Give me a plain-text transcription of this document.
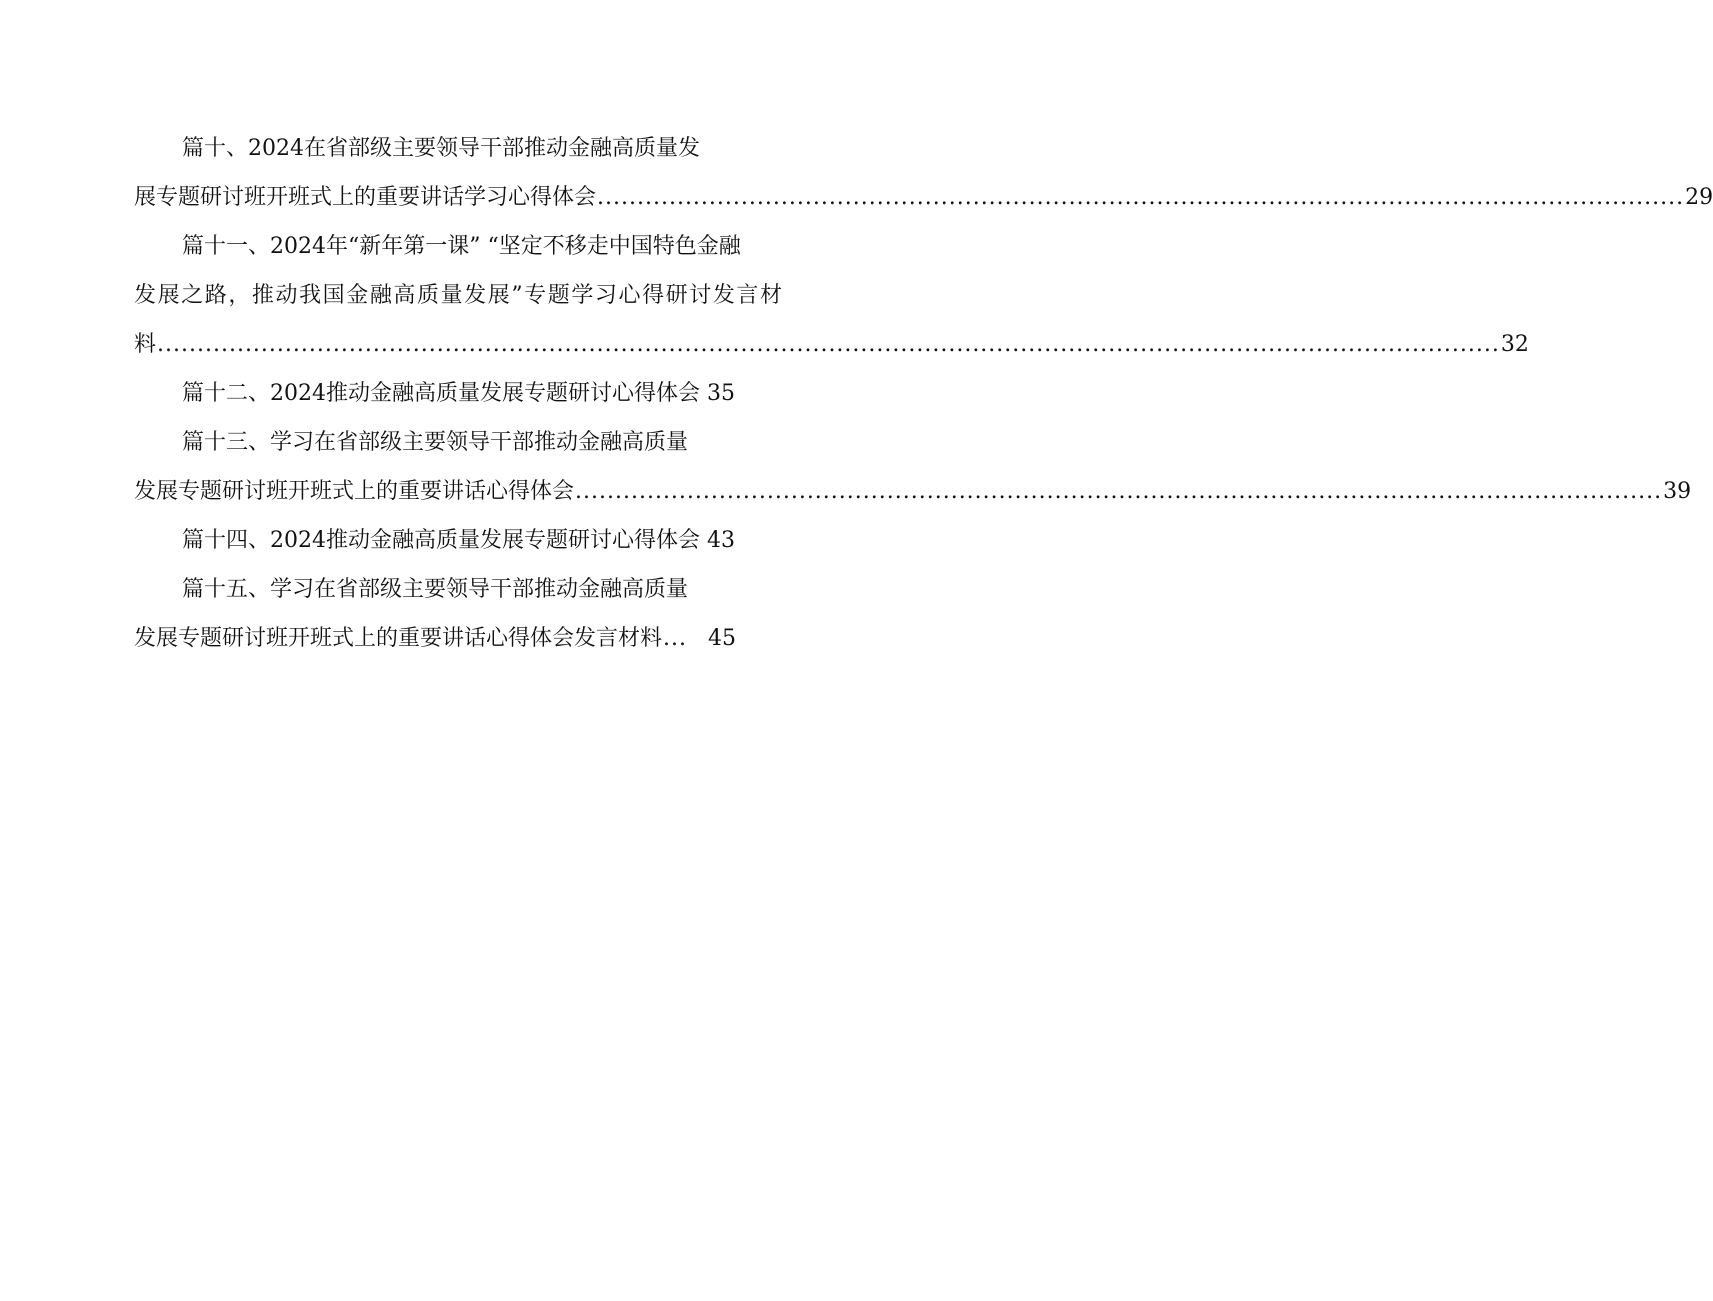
篇十、2024在省部级主要领导干部推动金融高质量发
展专题研讨班开班式上的重要讲话学习心得体会 ........................................................................................................................................ 29
篇十一、2024年“新年第一课” “坚定不移走中国特色金融
发展之路，推动我国金融高质量发展”专题学习心得研讨发言材
料 ........................................................................................................................................................................ 32
篇十二、2024推动金融高质量发展专题研讨心得体会 35
篇十三、学习在省部级主要领导干部推动金融高质量
发展专题研讨班开班式上的重要讲话心得体会 ........................................................................................................................................ 39
篇十四、2024推动金融高质量发展专题研讨心得体会 43
篇十五、学习在省部级主要领导干部推动金融高质量
发展专题研讨班开班式上的重要讲话心得体会发言材料 ... 45
